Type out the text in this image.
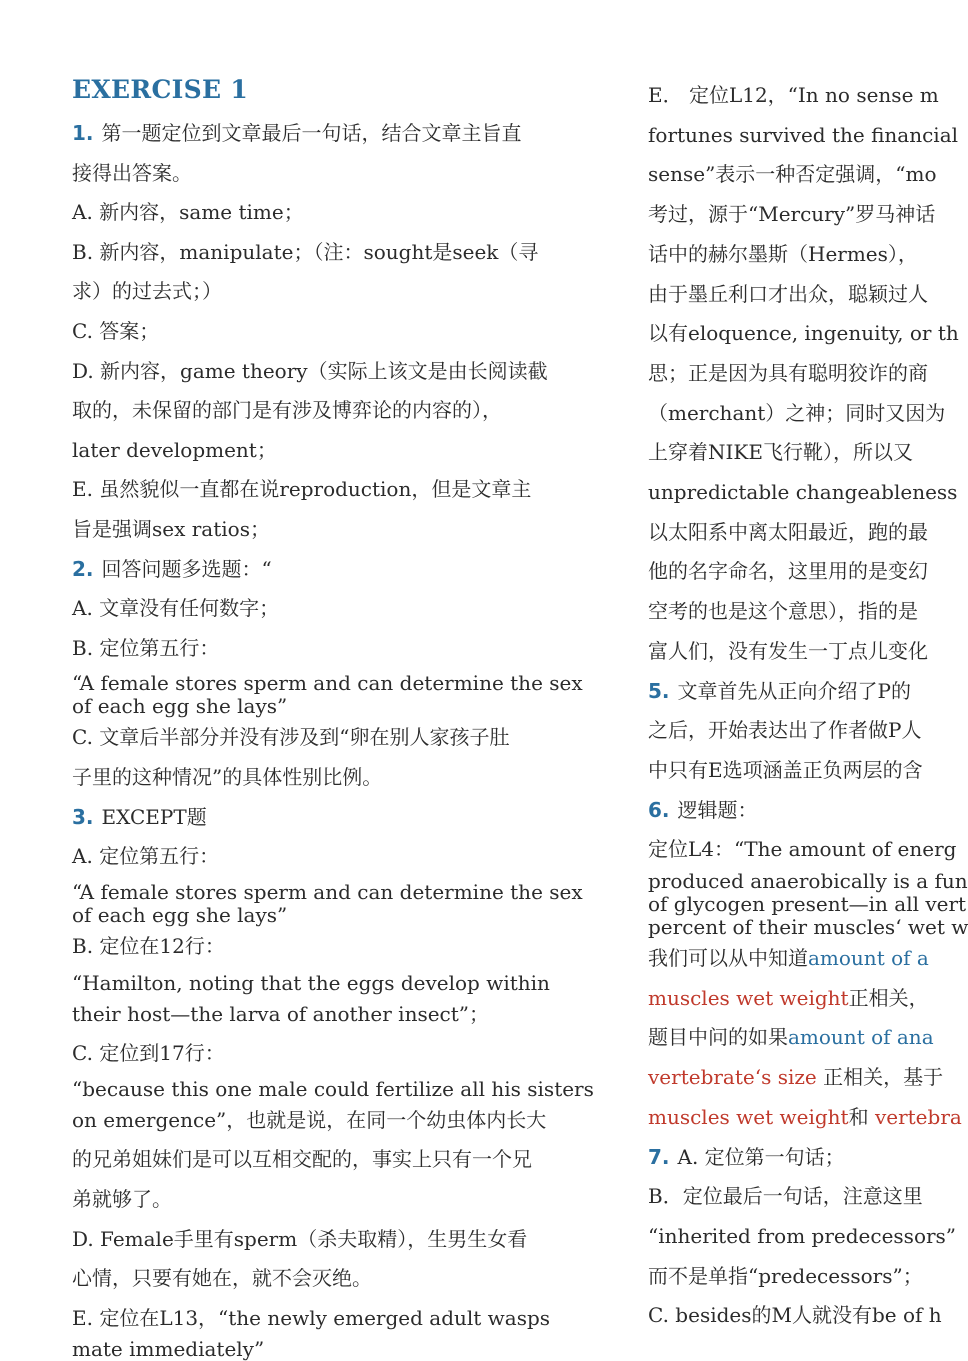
EXERCISE 1
1. 第一题定位到文章最后一句话，结合文章主旨直
接得出答案。
A. 新内容，same time；
B. 新内容，manipulate；（注：sought是seek（寻
求）的过去式；）
C. 答案；
D. 新内容，game theory（实际上该文是由长阅读截
取的，未保留的部门是有涉及博弈论的内容的），
later development；
E. 虽然貌似一直都在说reproduction，但是文章主
旨是强调sex ratios；
2. 回答问题多选题：“
A. 文章没有任何数字；
B. 定位第五行：
“A female stores sperm and can determine the sex
of each egg she lays”
C. 文章后半部分并没有涉及到“卵在别人家孩子肚
子里的这种情况”的具体性别比例。
3. EXCEPT题
A. 定位第五行：
“A female stores sperm and can determine the sex
of each egg she lays”
B. 定位在12行：
“Hamilton, noting that the eggs develop within
their host—the larva of another insect”；
C. 定位到17行：
“because this one male could fertilize all his sisters
on emergence”，也就是说，在同一个幼虫体内长大
的兄弟姐妹们是可以互相交配的，事实上只有一个兄
弟就够了。
D. Female手里有sperm（杀夫取精），生男生女看
心情，只要有她在，就不会灭绝。
E. 定位在L13，“the newly emerged adult wasps
mate immediately”
E． 定位L12，“In no sense m
fortunes survived the financial
sense”表示一种否定强调，“mo
考过，源于“Mercury”罗马神话
话中的赫尔墨斯（Hermes），
由于墨丘利口才出众，聪颖过人
以有eloquence, ingenuity, or th
思；正是因为具有聪明狡诈的商
（merchant）之神；同时又因为
上穿着NIKE飞行靴），所以又
unpredictable changeableness
以太阳系中离太阳最近，跑的最
他的名字命名，这里用的是变幻
空考的也是这个意思），指的是
富人们，没有发生一丁点儿变化
5. 文章首先从正向介绍了P的
之后，开始表达出了作者做P人
中只有E选项涵盖正负两层的含
6. 逻辑题：
定位L4：“The amount of energ
produced anaerobically is a fun
of glycogen present—in all vert
percent of their muscles‘ wet w
我们可以从中知道amount of a
muscles wet weight正相关，
题目中问的如果amount of ana
vertebrate‘s size 正相关，基于
muscles wet weight和 vertebra
7. A. 定位第一句话；
B．定位最后一句话，注意这里
“inherited from predecessors”
而不是单指“predecessors”；
C. besides的M人就没有be of h
